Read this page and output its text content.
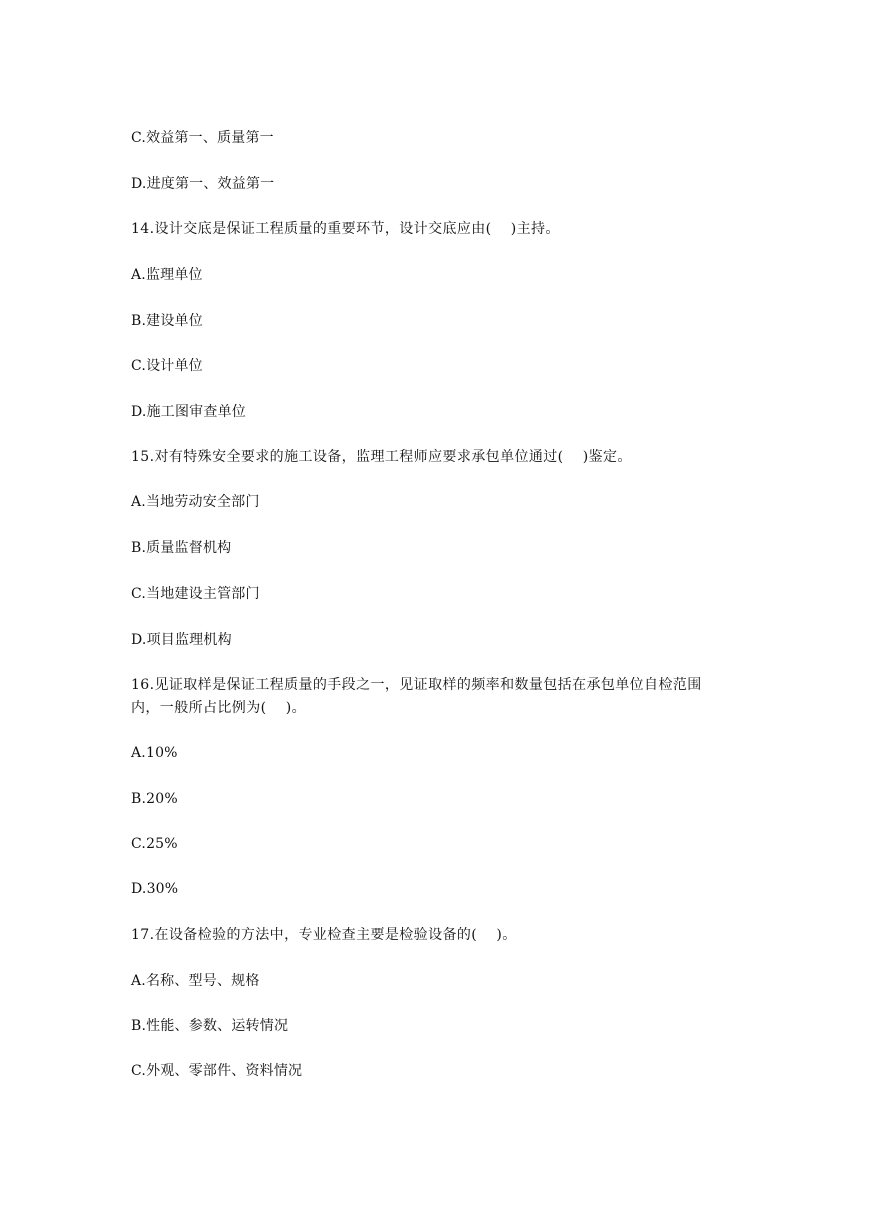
C.效益第一、质量第一
D.进度第一、效益第一
14.设计交底是保证工程质量的重要环节，设计交底应由(　 )主持。
A.监理单位
B.建设单位
C.设计单位
D.施工图审查单位
15.对有特殊安全要求的施工设备，监理工程师应要求承包单位通过(　 )鉴定。
A.当地劳动安全部门
B.质量监督机构
C.当地建设主管部门
D.项目监理机构
16.见证取样是保证工程质量的手段之一，见证取样的频率和数量包括在承包单位自检范围
内，一般所占比例为(　 )。
A.10%
B.20%
C.25%
D.30%
17.在设备检验的方法中，专业检查主要是检验设备的(　 )。
A.名称、型号、规格
B.性能、参数、运转情况
C.外观、零部件、资料情况
